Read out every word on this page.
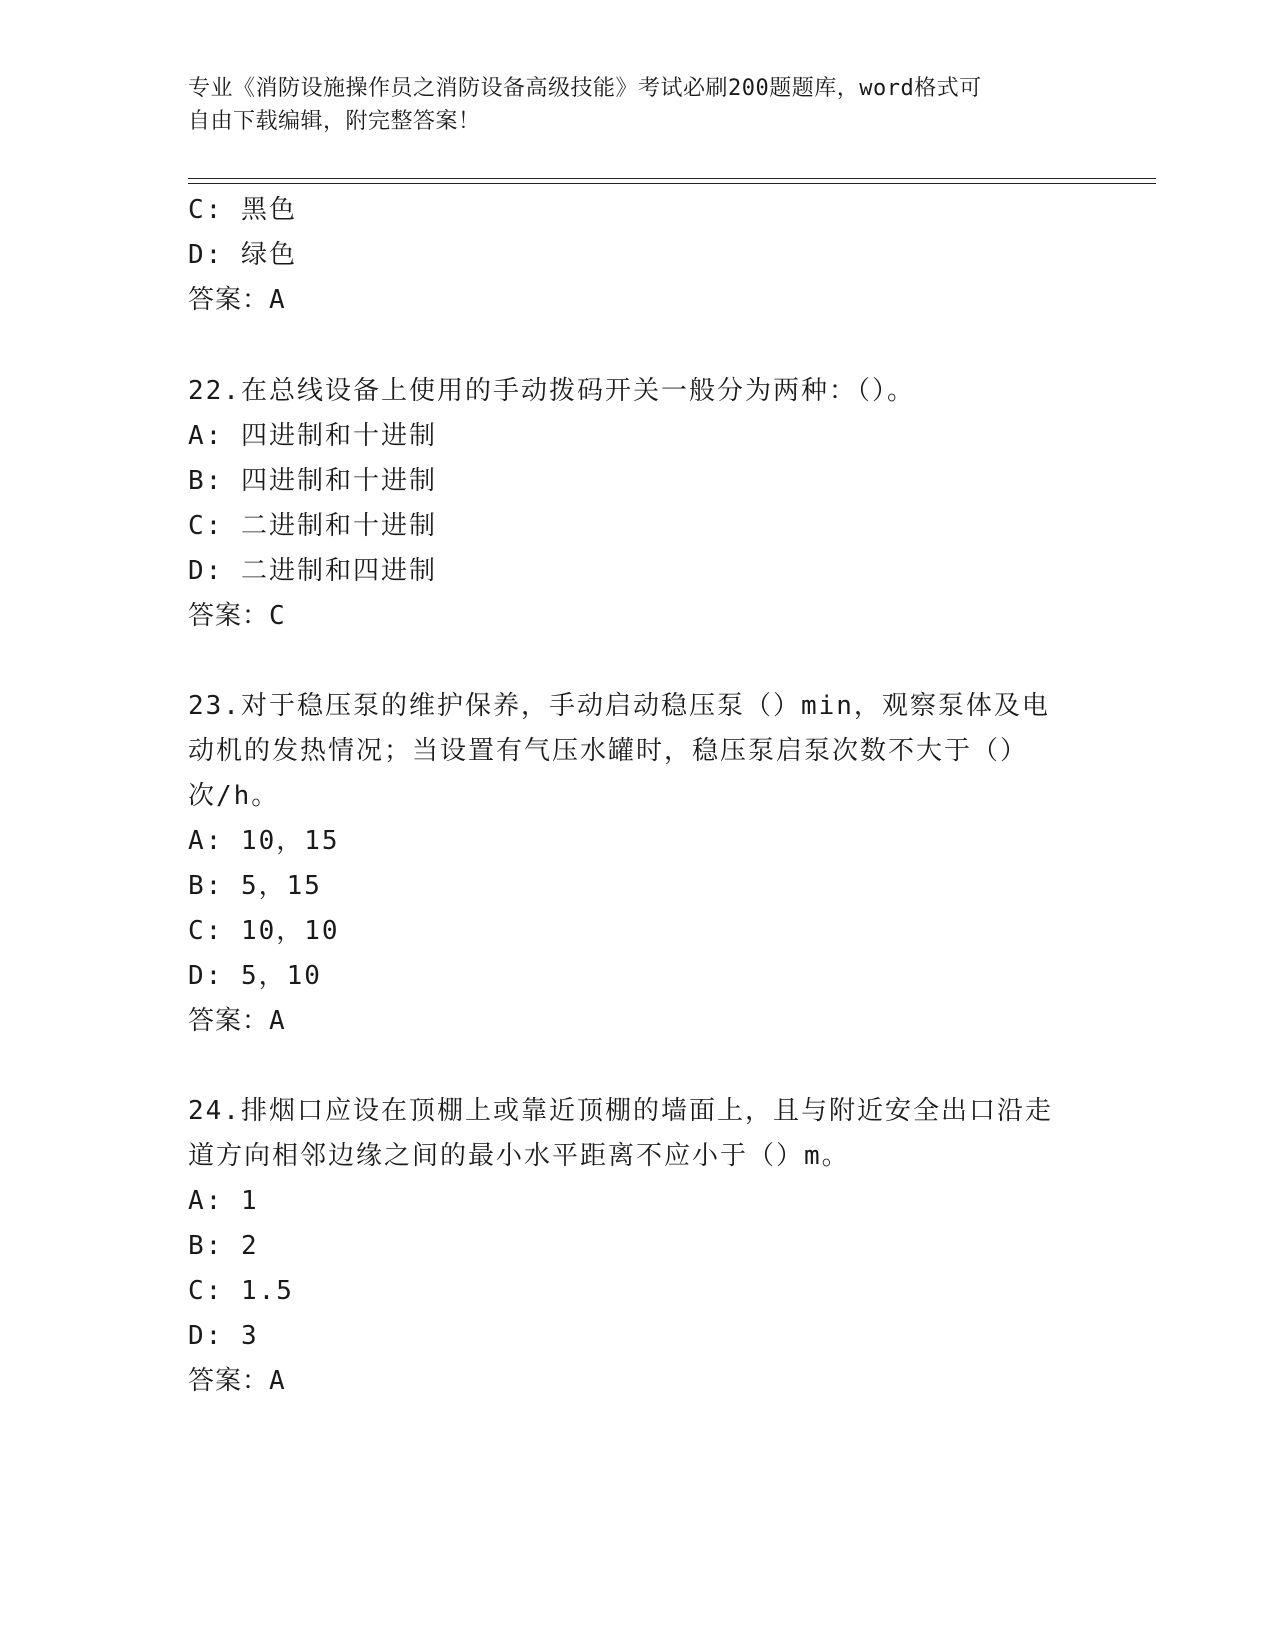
专业《消防设施操作员之消防设备高级技能》考试必刷200题题库，word格式可
自由下载编辑，附完整答案！
C: 黑色
D: 绿色
答案：A
22.在总线设备上使用的手动拨码开关一般分为两种：（）。
A: 四进制和十进制
B: 四进制和十进制
C: 二进制和十进制
D: 二进制和四进制
答案：C
23.对于稳压泵的维护保养，手动启动稳压泵（）min，观察泵体及电
动机的发热情况；当设置有气压水罐时，稳压泵启泵次数不大于（）
次/h。
A: 10，15
B: 5，15
C: 10，10
D: 5，10
答案：A
24.排烟口应设在顶棚上或靠近顶棚的墙面上，且与附近安全出口沿走
道方向相邻边缘之间的最小水平距离不应小于（）m。
A: 1
B: 2
C: 1.5
D: 3
答案：A
